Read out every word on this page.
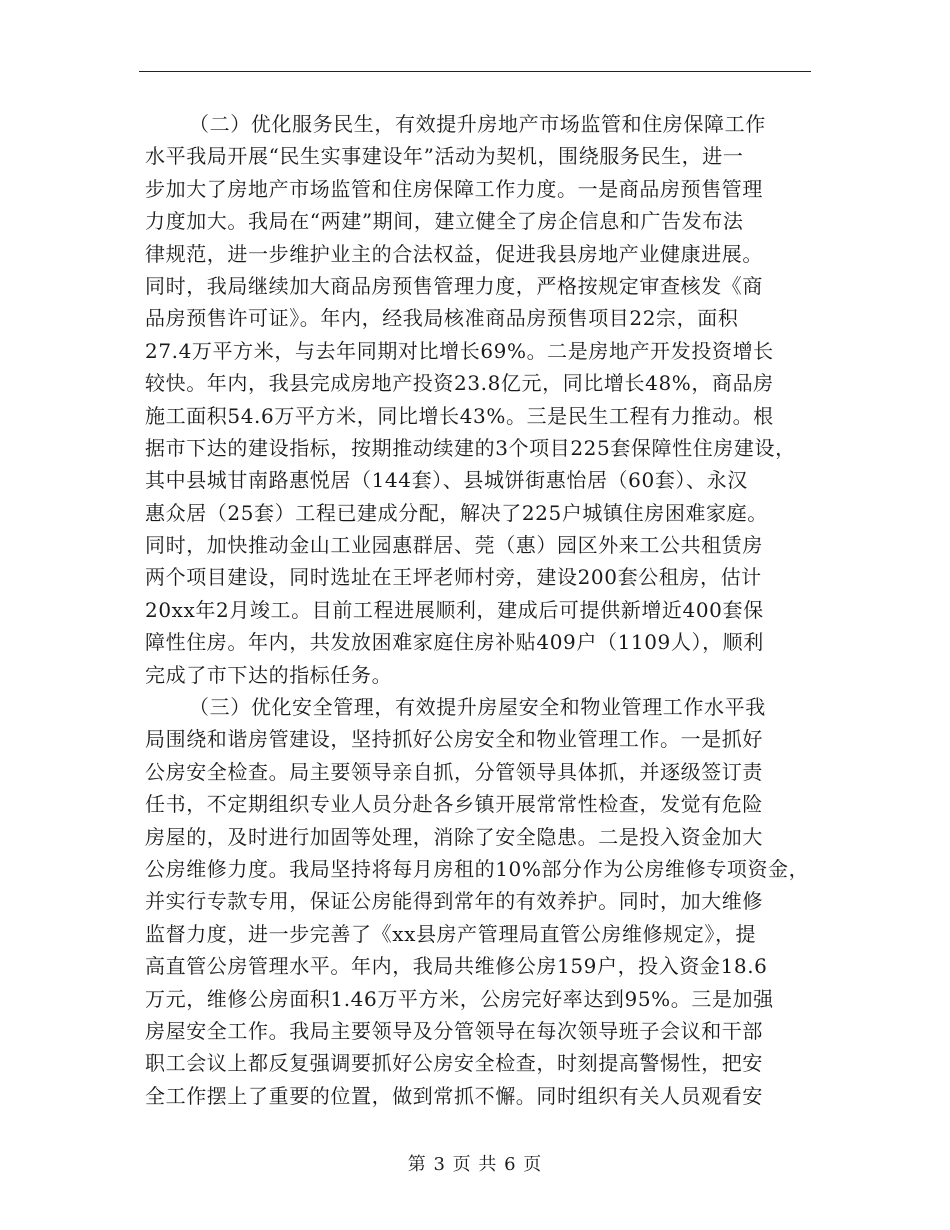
（二）优化服务民生，有效提升房地产市场监管和住房保障工作
水平我局开展“民生实事建设年”活动为契机，围绕服务民生，进一
步加大了房地产市场监管和住房保障工作力度。一是商品房预售管理
力度加大。我局在“两建”期间，建立健全了房企信息和广告发布法
律规范，进一步维护业主的合法权益，促进我县房地产业健康进展。
同时，我局继续加大商品房预售管理力度，严格按规定审查核发《商
品房预售许可证》。年内，经我局核准商品房预售项目22宗，面积
27.4万平方米，与去年同期对比增长69%。二是房地产开发投资增长
较快。年内，我县完成房地产投资23.8亿元，同比增长48%，商品房
施工面积54.6万平方米，同比增长43%。三是民生工程有力推动。根
据市下达的建设指标，按期推动续建的3个项目225套保障性住房建设，
其中县城甘南路惠悦居（144套）、县城饼街惠怡居（60套）、永汉
惠众居（25套）工程已建成分配，解决了225户城镇住房困难家庭。
同时，加快推动金山工业园惠群居、莞（惠）园区外来工公共租赁房
两个项目建设，同时选址在王坪老师村旁，建设200套公租房，估计
20xx年2月竣工。目前工程进展顺利，建成后可提供新增近400套保
障性住房。年内，共发放困难家庭住房补贴409户（1109人），顺利
完成了市下达的指标任务。
（三）优化安全管理，有效提升房屋安全和物业管理工作水平我
局围绕和谐房管建设，坚持抓好公房安全和物业管理工作。一是抓好
公房安全检查。局主要领导亲自抓，分管领导具体抓，并逐级签订责
任书，不定期组织专业人员分赴各乡镇开展常常性检查，发觉有危险
房屋的，及时进行加固等处理，消除了安全隐患。二是投入资金加大
公房维修力度。我局坚持将每月房租的10%部分作为公房维修专项资金，
并实行专款专用，保证公房能得到常年的有效养护。同时，加大维修
监督力度，进一步完善了《xx县房产管理局直管公房维修规定》，提
高直管公房管理水平。年内，我局共维修公房159户，投入资金18.6
万元，维修公房面积1.46万平方米，公房完好率达到95%。三是加强
房屋安全工作。我局主要领导及分管领导在每次领导班子会议和干部
职工会议上都反复强调要抓好公房安全检查，时刻提高警惕性，把安
全工作摆上了重要的位置，做到常抓不懈。同时组织有关人员观看安
第 3 页 共 6 页
